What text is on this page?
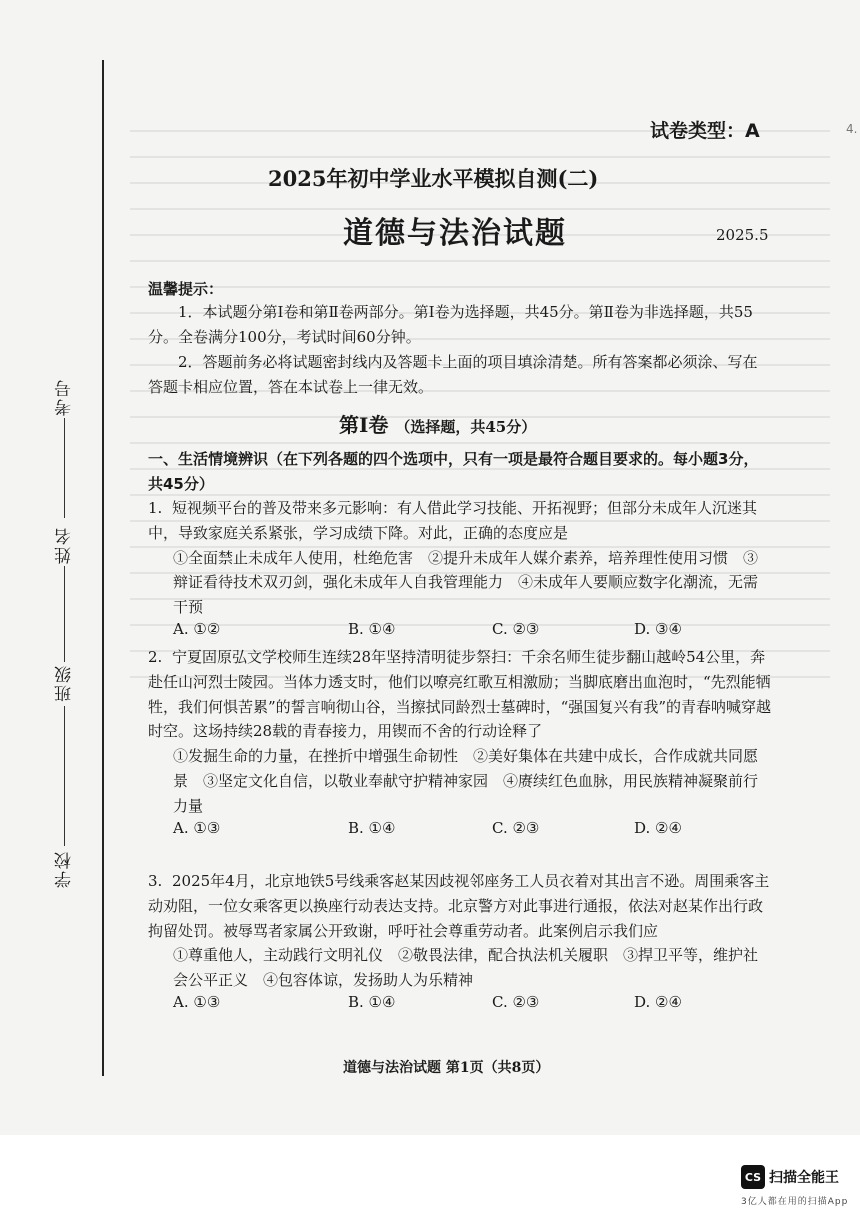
考号
姓名
班级
学校
4.
试卷类型：A
2025年初中学业水平模拟自测(二)
道德与法治试题	2025.5
温馨提示：

1．本试题分第Ⅰ卷和第Ⅱ卷两部分。第Ⅰ卷为选择题，共45分。第Ⅱ卷为非选择题，共55分。全卷满分100分，考试时间60分钟。

2．答题前务必将试题密封线内及答题卡上面的项目填涂清楚。所有答案都必须涂、写在答题卡相应位置，答在本试卷上一律无效。

第Ⅰ卷 （选择题，共45分）
一、生活情境辨识（在下列各题的四个选项中，只有一项是最符合题目要求的。每小题3分，共45分）

1. 短视频平台的普及带来多元影响：有人借此学习技能、开拓视野；但部分未成年人沉迷其中，导致家庭关系紧张，学习成绩下降。对此，正确的态度应是

①全面禁止未成年人使用，杜绝危害　②提升未成年人媒介素养，培养理性使用习惯　③辩证看待技术双刃剑，强化未成年人自我管理能力　④未成年人要顺应数字化潮流，无需干预

A. ①②	B. ①④	C. ②③	D. ③④

2. 宁夏固原弘文学校师生连续28年坚持清明徒步祭扫：千余名师生徒步翻山越岭54公里，奔赴任山河烈士陵园。当体力透支时，他们以嘹亮红歌互相激励；当脚底磨出血泡时，“先烈能牺牲，我们何惧苦累”的誓言响彻山谷，当擦拭同龄烈士墓碑时，“强国复兴有我”的青春呐喊穿越时空。这场持续28载的青春接力，用锲而不舍的行动诠释了

①发掘生命的力量，在挫折中增强生命韧性　②美好集体在共建中成长，合作成就共同愿景　③坚定文化自信，以敬业奉献守护精神家园　④赓续红色血脉，用民族精神凝聚前行力量

A. ①③	B. ①④	C. ②③	D. ②④

3. 2025年4月，北京地铁5号线乘客赵某因歧视邻座务工人员衣着对其出言不逊。周围乘客主动劝阻，一位女乘客更以换座行动表达支持。北京警方对此事进行通报，依法对赵某作出行政拘留处罚。被辱骂者家属公开致谢，呼吁社会尊重劳动者。此案例启示我们应

①尊重他人，主动践行文明礼仪　②敬畏法律，配合执法机关履职　③捍卫平等，维护社会公平正义　④包容体谅，发扬助人为乐精神

A. ①③	B. ①④	C. ②③	D. ②④
道德与法治试题 第1页（共8页）
CS 扫描全能王
3亿人都在用的扫描App
